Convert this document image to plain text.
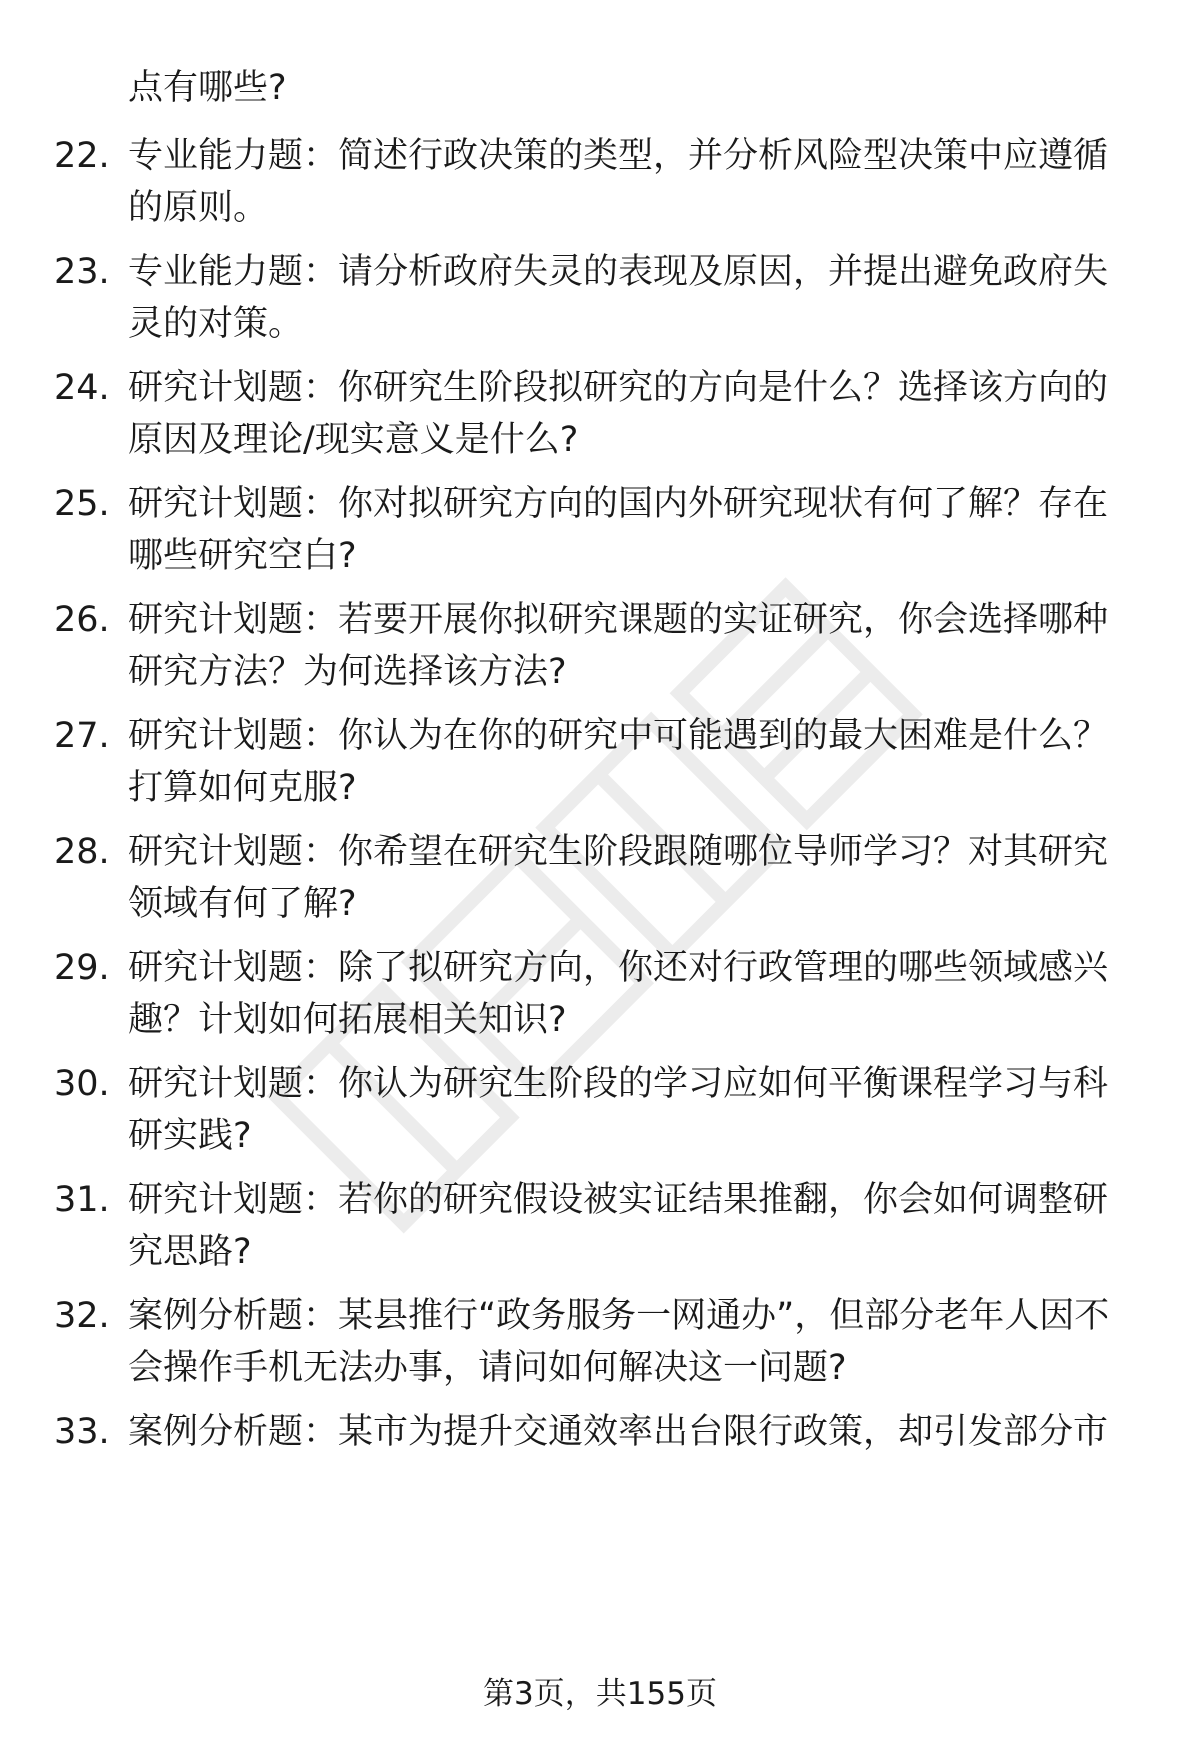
点有哪些?
22. 专业能力题：简述行政决策的类型，并分析风险型决策中应遵循的原则。
23. 专业能力题：请分析政府失灵的表现及原因，并提出避免政府失灵的对策。
24. 研究计划题：你研究生阶段拟研究的方向是什么？选择该方向的原因及理论/现实意义是什么?
25. 研究计划题：你对拟研究方向的国内外研究现状有何了解？存在哪些研究空白?
26. 研究计划题：若要开展你拟研究课题的实证研究，你会选择哪种研究方法？为何选择该方法?
27. 研究计划题：你认为在你的研究中可能遇到的最大困难是什么？打算如何克服?
28. 研究计划题：你希望在研究生阶段跟随哪位导师学习？对其研究领域有何了解?
29. 研究计划题：除了拟研究方向，你还对行政管理的哪些领域感兴趣？计划如何拓展相关知识?
30. 研究计划题：你认为研究生阶段的学习应如何平衡课程学习与科研实践?
31. 研究计划题：若你的研究假设被实证结果推翻，你会如何调整研究思路?
32. 案例分析题：某县推行“政务服务一网通办”，但部分老年人因不会操作手机无法办事，请问如何解决这一问题?
33. 案例分析题：某市为提升交通效率出台限行政策，却引发部分市
第3页，共155页
